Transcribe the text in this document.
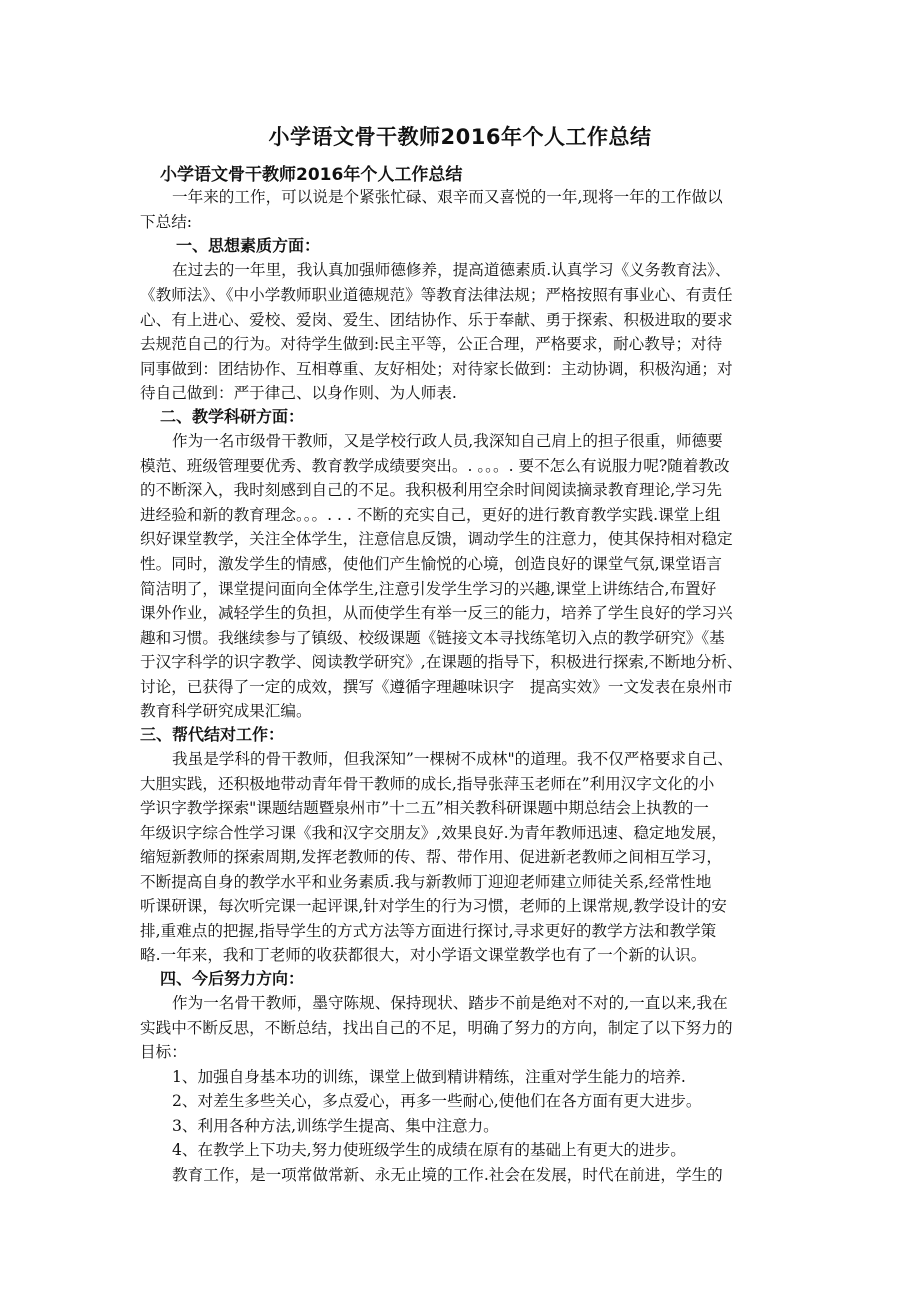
小学语文骨干教师2016年个人工作总结
小学语文骨干教师2016年个人工作总结
一年来的工作，可以说是个紧张忙碌、艰辛而又喜悦的一年,现将一年的工作做以
下总结:
一、思想素质方面：
在过去的一年里，我认真加强师德修养，提高道德素质.认真学习《义务教育法》、
《教师法》、《中小学教师职业道德规范》等教育法律法规；严格按照有事业心、有责任
心、有上进心、爱校、爱岗、爱生、团结协作、乐于奉献、勇于探索、积极进取的要求
去规范自己的行为。对待学生做到:民主平等，公正合理，严格要求，耐心教导；对待
同事做到：团结协作、互相尊重、友好相处；对待家长做到：主动协调，积极沟通；对
待自己做到：严于律己、以身作则、为人师表.
二、教学科研方面：
作为一名市级骨干教师，又是学校行政人员,我深知自己肩上的担子很重，师德要
模范、班级管理要优秀、教育教学成绩要突出。. 。。。. 要不怎么有说服力呢?随着教改
的不断深入，我时刻感到自己的不足。我积极利用空余时间阅读摘录教育理论,学习先
进经验和新的教育理念。。。. . . 不断的充实自己，更好的进行教育教学实践.课堂上组
织好课堂教学，关注全体学生，注意信息反馈，调动学生的注意力，使其保持相对稳定
性。同时，激发学生的情感，使他们产生愉悦的心境，创造良好的课堂气氛,课堂语言
简洁明了，课堂提问面向全体学生,注意引发学生学习的兴趣,课堂上讲练结合,布置好
课外作业，减轻学生的负担，从而使学生有举一反三的能力，培养了学生良好的学习兴
趣和习惯。我继续参与了镇级、校级课题《链接文本寻找练笔切入点的教学研究》《基
于汉字科学的识字教学、阅读教学研究》,在课题的指导下，积极进行探索,不断地分析、
讨论，已获得了一定的成效，撰写《遵循字理趣味识字　提高实效》一文发表在泉州市
教育科学研究成果汇编。
三、帮代结对工作：
我虽是学科的骨干教师，但我深知”一棵树不成林"的道理。我不仅严格要求自己、
大胆实践，还积极地带动青年骨干教师的成长,指导张萍玉老师在”利用汉字文化的小
学识字教学探索"课题结题暨泉州市”十二五”相关教科研课题中期总结会上执教的一
年级识字综合性学习课《我和汉字交朋友》,效果良好.为青年教师迅速、稳定地发展，
缩短新教师的探索周期,发挥老教师的传、帮、带作用、促进新老教师之间相互学习，
不断提高自身的教学水平和业务素质.我与新教师丁迎迎老师建立师徒关系,经常性地
听课研课，每次听完课一起评课,针对学生的行为习惯，老师的上课常规,教学设计的安
排,重难点的把握,指导学生的方式方法等方面进行探讨,寻求更好的教学方法和教学策
略.一年来，我和丁老师的收获都很大，对小学语文课堂教学也有了一个新的认识。
四、今后努力方向：
作为一名骨干教师，墨守陈规、保持现状、踏步不前是绝对不对的,一直以来,我在
实践中不断反思，不断总结，找出自己的不足，明确了努力的方向，制定了以下努力的
目标：
1、加强自身基本功的训练，课堂上做到精讲精练，注重对学生能力的培养.
2、对差生多些关心，多点爱心，再多一些耐心,使他们在各方面有更大进步。
3、利用各种方法,训练学生提高、集中注意力。
4、在教学上下功夫,努力使班级学生的成绩在原有的基础上有更大的进步。
教育工作，是一项常做常新、永无止境的工作.社会在发展，时代在前进，学生的
